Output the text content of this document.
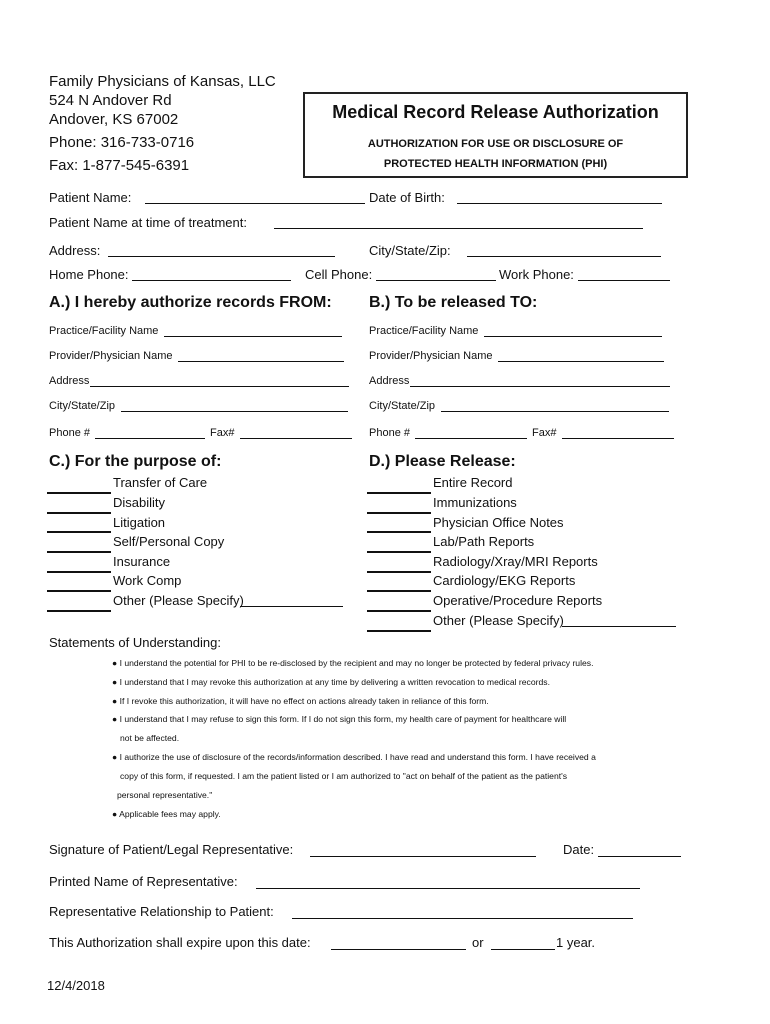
Family Physicians of Kansas, LLC
524 N Andover Rd
Andover, KS 67002
Phone: 316-733-0716
Fax: 1-877-545-6391
Medical Record Release Authorization
AUTHORIZATION FOR USE OR DISCLOSURE OF
PROTECTED HEALTH INFORMATION (PHI)
Patient Name:	Date of Birth:
Patient Name at time of treatment:
Address:	City/State/Zip:
Home Phone:	Cell Phone:	Work Phone:
A.) I hereby authorize records FROM:
Practice/Facility Name
Provider/Physician Name
Address
City/State/Zip
Phone #	Fax#
B.) To be released TO:
Practice/Facility Name
Provider/Physician Name
Address
City/State/Zip
Phone #	Fax#
C.) For the purpose of:
Transfer of Care
Disability
Litigation
Self/Personal Copy
Insurance
Work Comp
Other (Please Specify)
D.) Please Release:
Entire Record
Immunizations
Physician Office Notes
Lab/Path Reports
Radiology/Xray/MRI Reports
Cardiology/EKG Reports
Operative/Procedure Reports
Other (Please Specify)
Statements of Understanding:
● I understand the potential for PHI to be re-disclosed by the recipient and may no longer be protected by federal privacy rules.
● I understand that I may revoke this authorization at any time by delivering a written revocation to medical records.
● If I revoke this authorization, it will have no effect on actions already taken in reliance of this form.
● I understand that I may refuse to sign this form. If I do not sign this form, my health care of payment for healthcare will
not be affected.
● I authorize the use of disclosure of the records/information described. I have read and understand this form. I have received a
copy of this form, if requested. I am the patient listed or I am authorized to "act on behalf of the patient as the patient's
personal representative."
● Applicable fees may apply.
Signature of Patient/Legal Representative:	Date:
Printed Name of Representative:
Representative Relationship to Patient:
This Authorization shall expire upon this date:	or	1 year.
12/4/2018
